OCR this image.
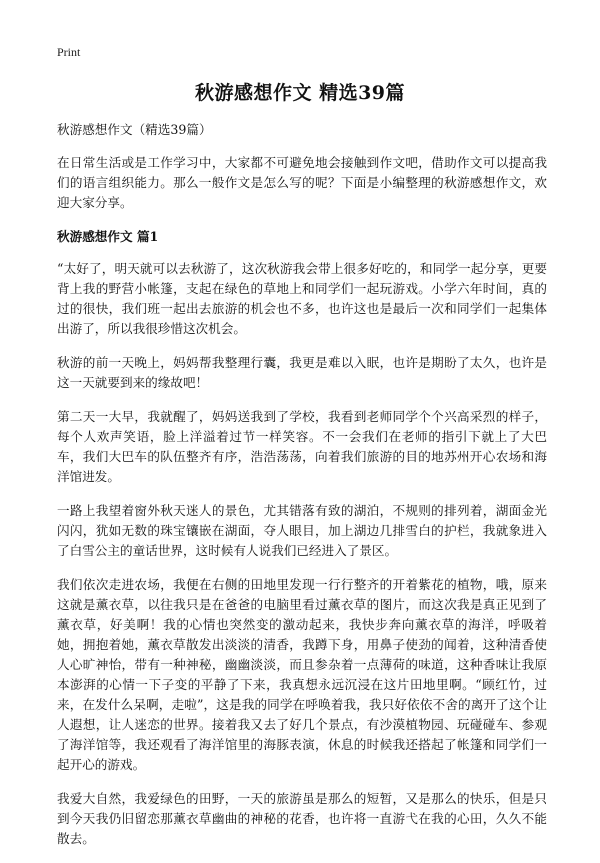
Print
秋游感想作文 精选39篇

秋游感想作文（精选39篇）

在日常生活或是工作学习中，大家都不可避免地会接触到作文吧，借助作文可以提高我们的语言组织能力。那么一般作文是怎么写的呢？下面是小编整理的秋游感想作文，欢迎大家分享。

秋游感想作文 篇1

“太好了，明天就可以去秋游了，这次秋游我会带上很多好吃的，和同学一起分享，更要背上我的野营小帐篷，支起在绿色的草地上和同学们一起玩游戏。小学六年时间，真的过的很快，我们班一起出去旅游的机会也不多，也许这也是最后一次和同学们一起集体出游了，所以我很珍惜这次机会。

秋游的前一天晚上，妈妈帮我整理行囊，我更是难以入眠，也许是期盼了太久，也许是这一天就要到来的缘故吧！

第二天一大早，我就醒了，妈妈送我到了学校，我看到老师同学个个兴高采烈的样子，每个人欢声笑语，脸上洋溢着过节一样笑容。不一会我们在老师的指引下就上了大巴车，我们大巴车的队伍整齐有序，浩浩荡荡，向着我们旅游的目的地苏州开心农场和海洋馆进发。

一路上我望着窗外秋天迷人的景色，尤其错落有致的湖泊，不规则的排列着，湖面金光闪闪，犹如无数的珠宝镶嵌在湖面，夺人眼目，加上湖边几排雪白的护栏，我就象进入了白雪公主的童话世界，这时候有人说我们已经进入了景区。

我们依次走进农场，我便在右侧的田地里发现一行行整齐的开着紫花的植物，哦，原来这就是薰衣草，以往我只是在爸爸的电脑里看过薰衣草的图片，而这次我是真正见到了薰衣草，好美啊！我的心情也突然变的激动起来，我快步奔向薰衣草的海洋，呼吸着她，拥抱着她，薰衣草散发出淡淡的清香，我蹲下身，用鼻子使劲的闻着，这种清香使人心旷神怡，带有一种神秘，幽幽淡淡，而且参杂着一点薄荷的味道，这种香味让我原本澎湃的心情一下子变的平静了下来，我真想永远沉浸在这片田地里啊。“顾红竹，过来，在发什么呆啊，走啦”，这是我的同学在呼唤着我，我只好依依不舍的离开了这个让人遐想，让人迷恋的世界。接着我又去了好几个景点，有沙漠植物园、玩碰碰车、参观了海洋馆等，我还观看了海洋馆里的海豚表演，休息的时候我还搭起了帐篷和同学们一起开心的游戏。

我爱大自然，我爱绿色的田野，一天的旅游虽是那么的短暂，又是那么的快乐，但是只到今天我仍旧留恋那薰衣草幽曲的神秘的花香，也许将一直游弋在我的心田，久久不能散去。
